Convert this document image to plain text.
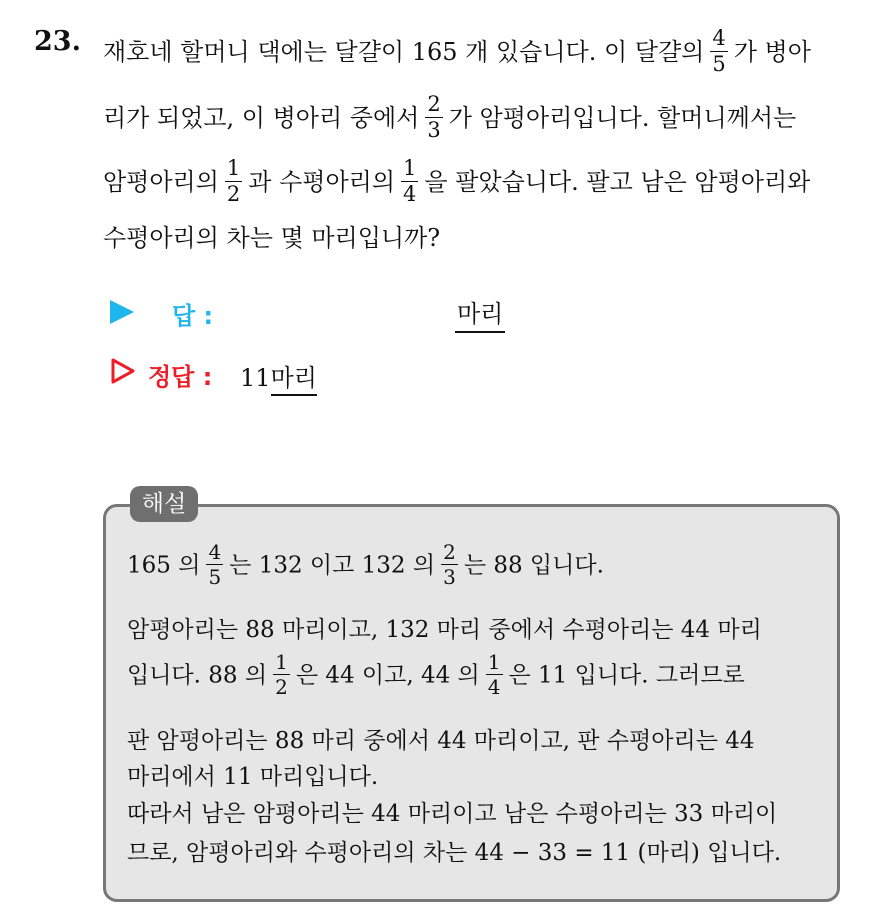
23. 재호네 할머니 댁에는 달걀이 165 개 있습니다. 이 달걀의 $\frac{4}{5}$ 가 병아
리가 되었고, 이 병아리 중에서 $\frac{2}{3}$ 가 암평아리입니다. 할머니께서는
암평아리의 $\frac{1}{2}$ 과 수평아리의 $\frac{1}{4}$ 을 팔았습니다. 팔고 남은 암평아리와
수평아리의 차는 몇 마리입니까?
답 :	마리
정답 : 11마리
해설
165 의 $\frac{4}{5}$ 는 132 이고 132 의 $\frac{2}{3}$ 는 88 입니다.
암평아리는 88 마리이고, 132 마리 중에서 수평아리는 44 마리
입니다. 88 의 $\frac{1}{2}$ 은 44 이고, 44 의 $\frac{1}{4}$ 은 11 입니다. 그러므로
판 암평아리는 88 마리 중에서 44 마리이고, 판 수평아리는 44
마리에서 11 마리입니다.
따라서 남은 암평아리는 44 마리이고 남은 수평아리는 33 마리이
므로, 암평아리와 수평아리의 차는 44 − 33 = 11 (마리) 입니다.
